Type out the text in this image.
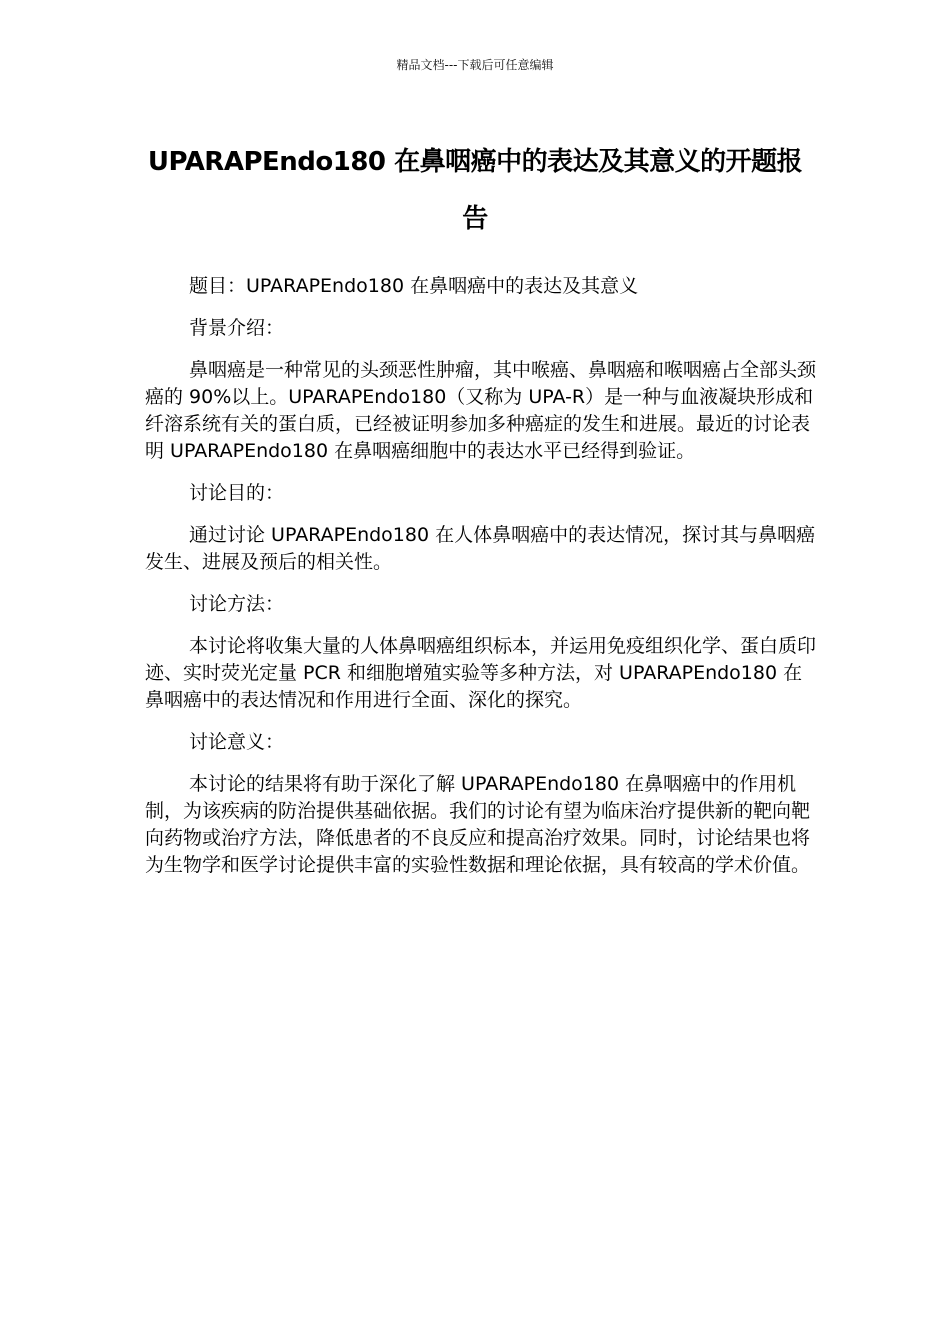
精品文档---下载后可任意编辑
UPARAPEndo180 在鼻咽癌中的表达及其意义的开题报告

题目：UPARAPEndo180 在鼻咽癌中的表达及其意义

背景介绍：

鼻咽癌是一种常见的头颈恶性肿瘤，其中喉癌、鼻咽癌和喉咽癌占全部头颈癌的 90%以上。UPARAPEndo180（又称为 UPA-R）是一种与血液凝块形成和纤溶系统有关的蛋白质，已经被证明参加多种癌症的发生和进展。最近的讨论表明 UPARAPEndo180 在鼻咽癌细胞中的表达水平已经得到验证。

讨论目的：

通过讨论 UPARAPEndo180 在人体鼻咽癌中的表达情况，探讨其与鼻咽癌发生、进展及预后的相关性。

讨论方法：

本讨论将收集大量的人体鼻咽癌组织标本，并运用免疫组织化学、蛋白质印迹、实时荧光定量 PCR 和细胞增殖实验等多种方法，对 UPARAPEndo180 在鼻咽癌中的表达情况和作用进行全面、深化的探究。

讨论意义：

本讨论的结果将有助于深化了解 UPARAPEndo180 在鼻咽癌中的作用机制，为该疾病的防治提供基础依据。我们的讨论有望为临床治疗提供新的靶向靶向药物或治疗方法，降低患者的不良反应和提高治疗效果。同时，讨论结果也将为生物学和医学讨论提供丰富的实验性数据和理论依据，具有较高的学术价值。
